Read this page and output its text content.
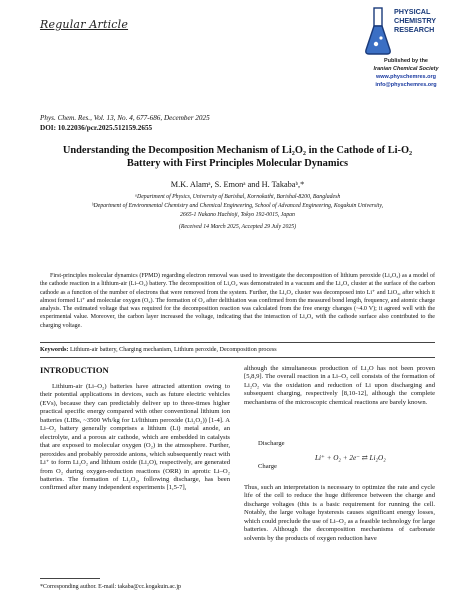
Regular Article
PHYSICAL
CHEMISTRY
RESEARCH
Published by the
Iranian Chemical Society
www.physchemres.org
info@physchemres.org
Phys. Chem. Res., Vol. 13, No. 4, 677-686, December 2025
DOI: 10.22036/pcr.2025.512159.2655
Understanding the Decomposition Mechanism of Li₂O₂ in the Cathode of Li-O₂
Battery with First Principles Molecular Dynamics
M.K. Alamᵃ, S. Emonᵃ and H. Takabaᵇ,*
ᵃDepartment of Physics, University of Barishal, Kornokathi, Barishal-8200, Bangladesh
ᵇDepartment of Environmental Chemistry and Chemical Engineering, School of Advanced Engineering, Kogakuin University,
2665-1 Nakano Hachioji, Tokyo 192-0015, Japan
(Received 14 March 2025, Accepted 29 July 2025)
First-principles molecular dynamics (FPMD) regarding electron removal was used to investigate the decomposition of lithium peroxide (Li₂O₂) as a model of the cathode reaction in a lithium-air (Li–O₂) battery. The decomposition of Li₂O₂ was demonstrated in a vacuum and the Li₂O₂ cluster at the surface of the carbon cathode as a function of the number of electrons that were removed from the system. Further, the Li₂O₂ cluster was decomposed into Li⁺ and LiO₂, after which it almost formed Li⁺ and molecular oxygen (O₂). The formation of O₂ after delithiation was confirmed from the measured bond length, frequency, and atomic charge analysis. The estimated voltage that was required for the decomposition reaction was calculated from the free energy changes (~4.0 V); it agreed well with the experimental value. Moreover, the carbon layer increased the voltage, indicating that the interaction of Li₂O₂ with the cathode surface also contributed to the charging voltage.
Keywords: Lithium-air battery, Charging mechanism, Lithium peroxide, Decomposition process
INTRODUCTION
Lithium-air (Li–O₂) batteries have attracted attention owing to their potential applications in devices, such as future electric vehicles (EVs), because they can predictably deliver up to three-times higher practical specific energy compared with other conventional lithium ion batteries (LIBs, ~3500 Wh/kg for Li/lithium peroxide (Li₂O₂)) [1-4]. A Li–O₂ battery generally comprises a lithium (Li) metal anode, an electrolyte, and a porous air cathode, which are embedded in catalysts that are exposed to molecular oxygen (O₂) in the atmosphere. Further, peroxides and probably peroxide anions, which subsequently react with Li⁺ to form Li₂O₂ and lithium oxide (Li₂O), respectively, are generated from O₂ during oxygen-reduction reactions (ORR) in aprotic Li–O₂ batteries. The formation of Li₂O₂, following discharge, has been confirmed after many independent experiments [1,5-7],
although the simultaneous production of Li₂O has not been proven [5,8,9]. The overall reaction in a Li–O₂ cell consists of the formation of Li₂O₂ via the oxidation and reduction of Li upon discharging and subsequent charging, respectively [8,10-12], although the complete mechanisms of the microscopic chemical reactions are barely known.
Discharge
Li⁺ + O₂ + 2e⁻ ⇄ Li₂O₂
Charge
Thus, such an interpretation is necessary to optimize the rate and cycle life of the cell to reduce the huge difference between the charge and discharge voltages (this is a basic requirement for running the cell. Notably, the large voltage hysteresis causes significant energy losses, which could preclude the use of Li–O₂ as a feasible technology for large batteries. Although the decomposition mechanisms of carbonate solvents by the products of oxygen reduction have
*Corresponding author. E-mail: takaba@cc.kogakuin.ac.jp
